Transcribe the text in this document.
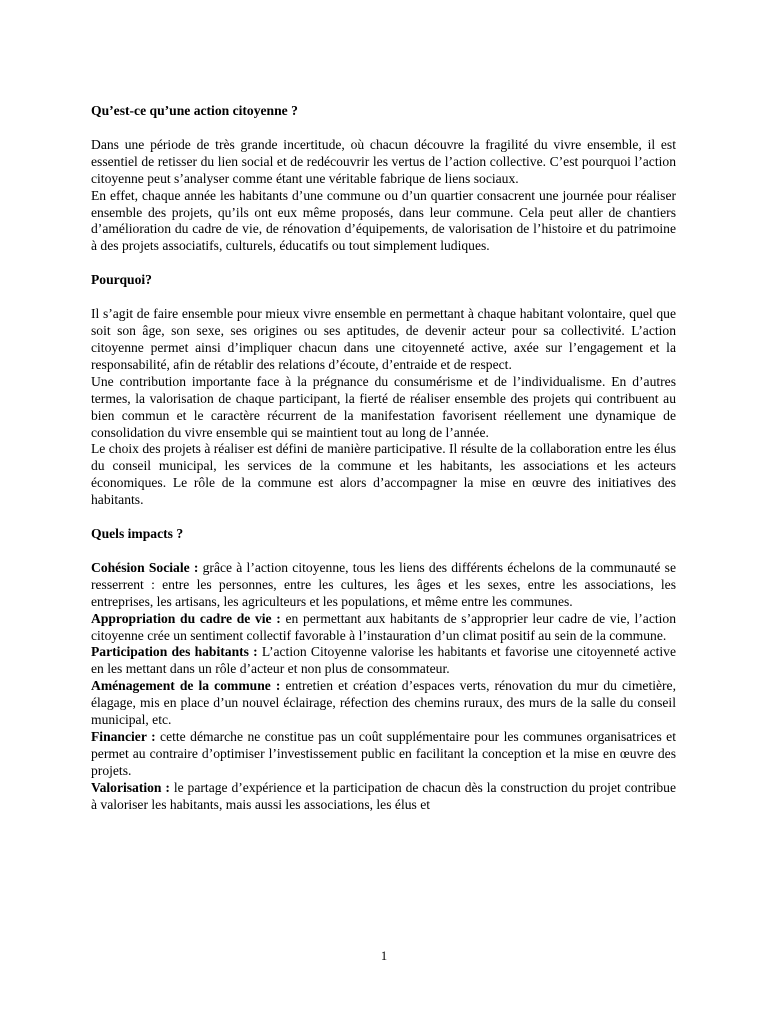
Qu’est-ce qu’une action citoyenne ?

Dans une période de très grande incertitude, où chacun découvre la fragilité du vivre ensemble, il est essentiel de retisser du lien social et de redécouvrir les vertus de l’action collective. C’est pourquoi l’action citoyenne peut s’analyser comme étant une véritable fabrique de liens sociaux.

En effet, chaque année les habitants d’une commune ou d’un quartier consacrent une journée pour réaliser ensemble des projets, qu’ils ont eux même proposés, dans leur commune. Cela peut aller de chantiers d’amélioration du cadre de vie, de rénovation d’équipements, de valorisation de l’histoire et du patrimoine à des projets associatifs, culturels, éducatifs ou tout simplement ludiques.

Pourquoi?

Il s’agit de faire ensemble pour mieux vivre ensemble en permettant à chaque habitant volontaire, quel que soit son âge, son sexe, ses origines ou ses aptitudes, de devenir acteur pour sa collectivité. L’action citoyenne permet ainsi d’impliquer chacun dans une citoyenneté active, axée sur l’engagement et la responsabilité, afin de rétablir des relations d’écoute, d’entraide et de respect.

Une contribution importante face à la prégnance du consumérisme et de l’individualisme. En d’autres termes, la valorisation de chaque participant, la fierté de réaliser ensemble des projets qui contribuent au bien commun et le caractère récurrent de la manifestation favorisent réellement une dynamique de consolidation du vivre ensemble qui se maintient tout au long de l’année.

Le choix des projets à réaliser est défini de manière participative. Il résulte de la collaboration entre les élus du conseil municipal, les services de la commune et les habitants, les associations et les acteurs économiques. Le rôle de la commune est alors d’accompagner la mise en œuvre des initiatives des habitants.

Quels impacts ?

Cohésion Sociale : grâce à l’action citoyenne, tous les liens des différents échelons de la communauté se resserrent : entre les personnes, entre les cultures, les âges et les sexes, entre les associations, les entreprises, les artisans, les agriculteurs et les populations, et même entre les communes.

Appropriation du cadre de vie : en permettant aux habitants de s’approprier leur cadre de vie, l’action citoyenne crée un sentiment collectif favorable à l’instauration d’un climat positif au sein de la commune.

Participation des habitants : L’action Citoyenne valorise les habitants et favorise une citoyenneté active en les mettant dans un rôle d’acteur et non plus de consommateur.

Aménagement de la commune : entretien et création d’espaces verts, rénovation du mur du cimetière, élagage, mis en place d’un nouvel éclairage, réfection des chemins ruraux, des murs de la salle du conseil municipal, etc.

Financier : cette démarche ne constitue pas un coût supplémentaire pour les communes organisatrices et permet au contraire d’optimiser l’investissement public en facilitant la conception et la mise en œuvre des projets.

Valorisation : le partage d’expérience et la participation de chacun dès la construction du projet contribue à valoriser les habitants, mais aussi les associations, les élus et

1
